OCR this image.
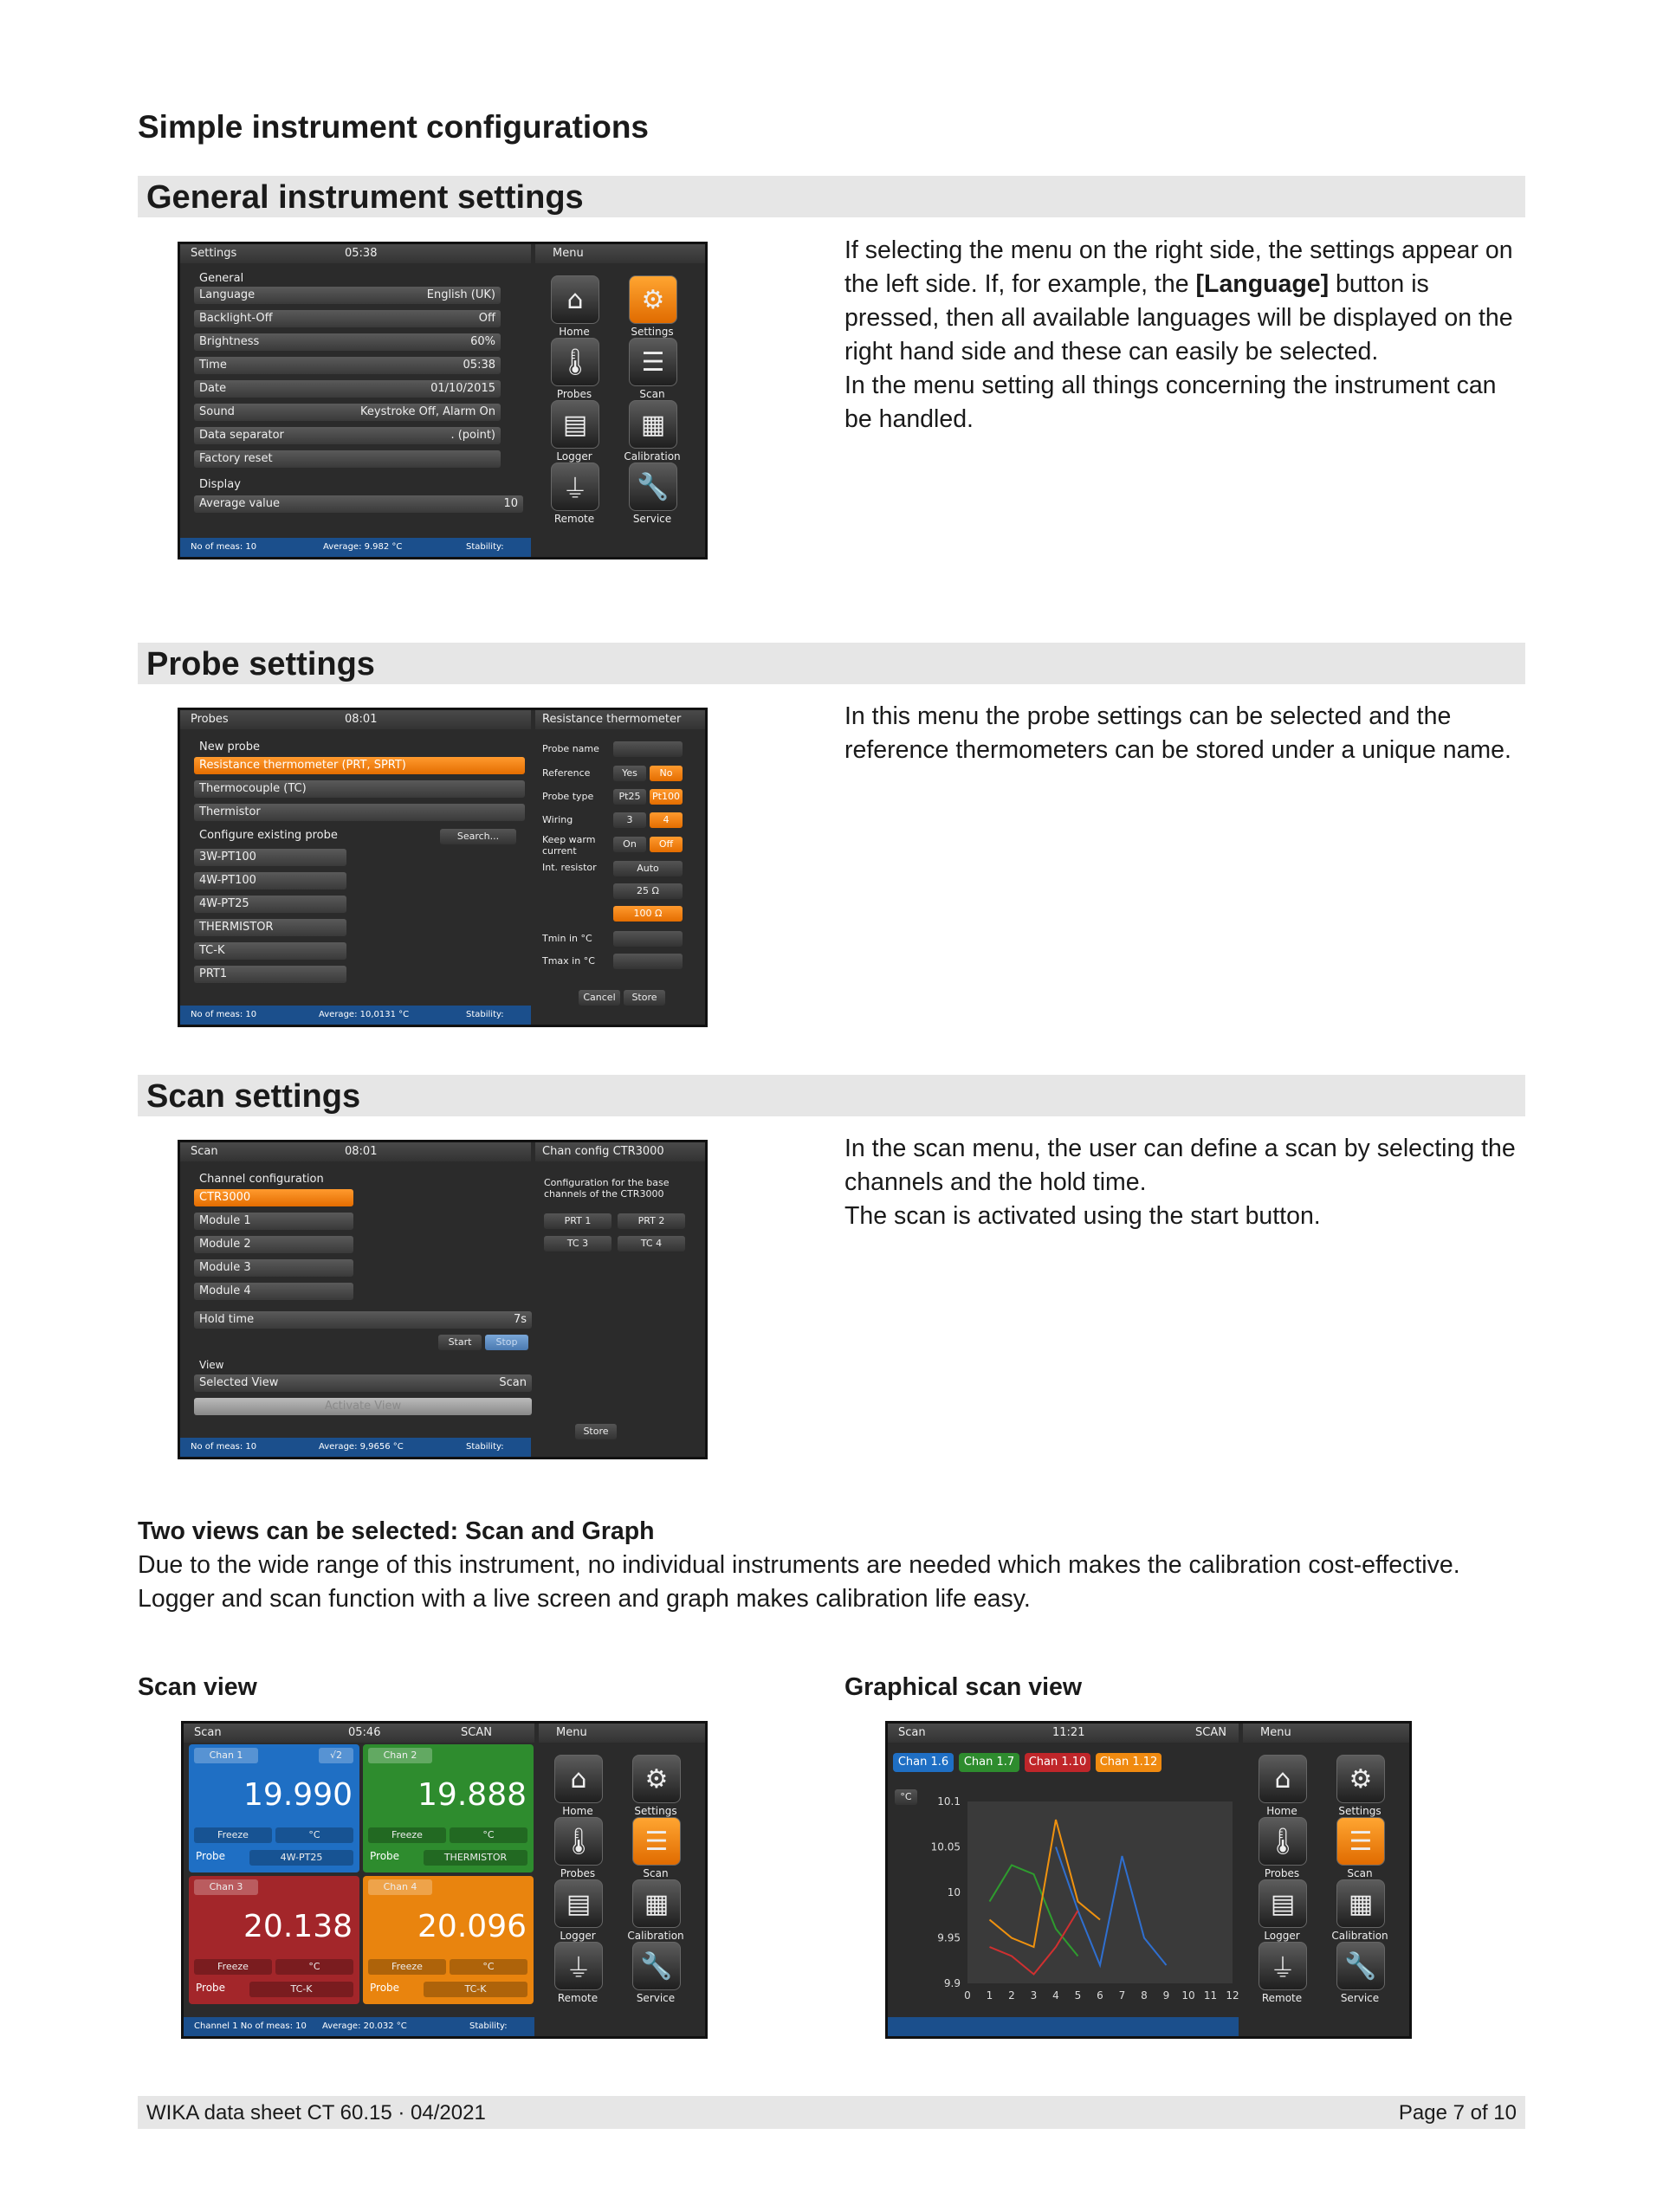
Simple instrument configurations
General instrument settings
Settings	05:38	Menu
General
Language	English (UK)
Backlight-Off	Off
Brightness	60%
Time	05:38
Date	01/10/2015
Sound	Keystroke Off, Alarm On
Data separator	. (point)
Factory reset
Display
Average value	10
No of meas: 10	Average: 9.982 °C	Stability: 0.056
⌂
Home
⚙
Settings
🌡
Probes
☰
Scan
▤
Logger
▦
Calibration
⏚
Remote
🔧
Service

If selecting the menu on the right side, the settings appear on the left side. If, for example, the [Language] button is pressed, then all available languages will be displayed on the right hand side and these can easily be selected.

In the menu setting all things concerning the instrument can be handled.

Probe settings
Probes	08:01	Resistance thermometer
New probe
Resistance thermometer (PRT, SPRT)
Thermocouple (TC)
Thermistor
Configure existing probe	Search...
3W-PT100
4W-PT100
4W-PT25
THERMISTOR
TC-K
PRT1
Probe name
Reference	Yes	No
Probe type	Pt25	Pt100
Wiring	3	4
Keep warm current
On	Off
Int. resistor	Auto
25 Ω
100 Ω
Tmin in °C
Tmax in °C
Cancel	Store
No of meas: 10	Average: 10,0131 °C	Stability: 0,048
In this menu the probe settings can be selected and the reference thermometers can be stored under a unique name.
Scan settings
Scan	08:01	Chan config CTR3000
Channel configuration
CTR3000
Module 1
Module 2
Module 3
Module 4
Hold time	7s
Start	Stop
View
Selected View	Scan
Activate View
Configuration for the base channels of the CTR3000
PRT 1	PRT 2
TC 3	TC 4
Store
No of meas: 10	Average: 9,9656 °C	Stability: 0,050

In the scan menu, the user can define a scan by selecting the channels and the hold time.

The scan is activated using the start button.

Two views can be selected: Scan and Graph

Due to the wide range of this instrument, no individual instruments are needed which makes the calibration cost-effective.

Logger and scan function with a live screen and graph makes calibration life easy.

Scan view	Graphical scan view
Scan	05:46	SCAN	Menu
Chan 1	√2
19.990
Freeze	°C
Probe	4W-PT25
Chan 2
19.888
Freeze	°C
Probe	THERMISTOR
Chan 3
20.138
Freeze	°C
Probe	TC-K
Chan 4
20.096
Freeze	°C
Probe	TC-K
Channel 1 No of meas: 10 Average: 20.032 °C	Stability: 0.118
⌂
Home
⚙
Settings
🌡
Probes
☰
Scan
▤
Logger
▦
Calibration
⏚
Remote
🔧
Service
Scan	11:21	SCAN	Menu
Chan 1.6	Chan 1.7	Chan 1.10	Chan 1.12
°C	10.1
10.05
10
9.95
9.9
0 1 2 3 4 5 6 7 8 9 10 11 12
⌂
Home
⚙
Settings
🌡
Probes
☰
Scan
▤
Logger
▦
Calibration
⏚
Remote
🔧
Service
WIKA data sheet CT 60.15 · 04/2021	Page 7 of 10
